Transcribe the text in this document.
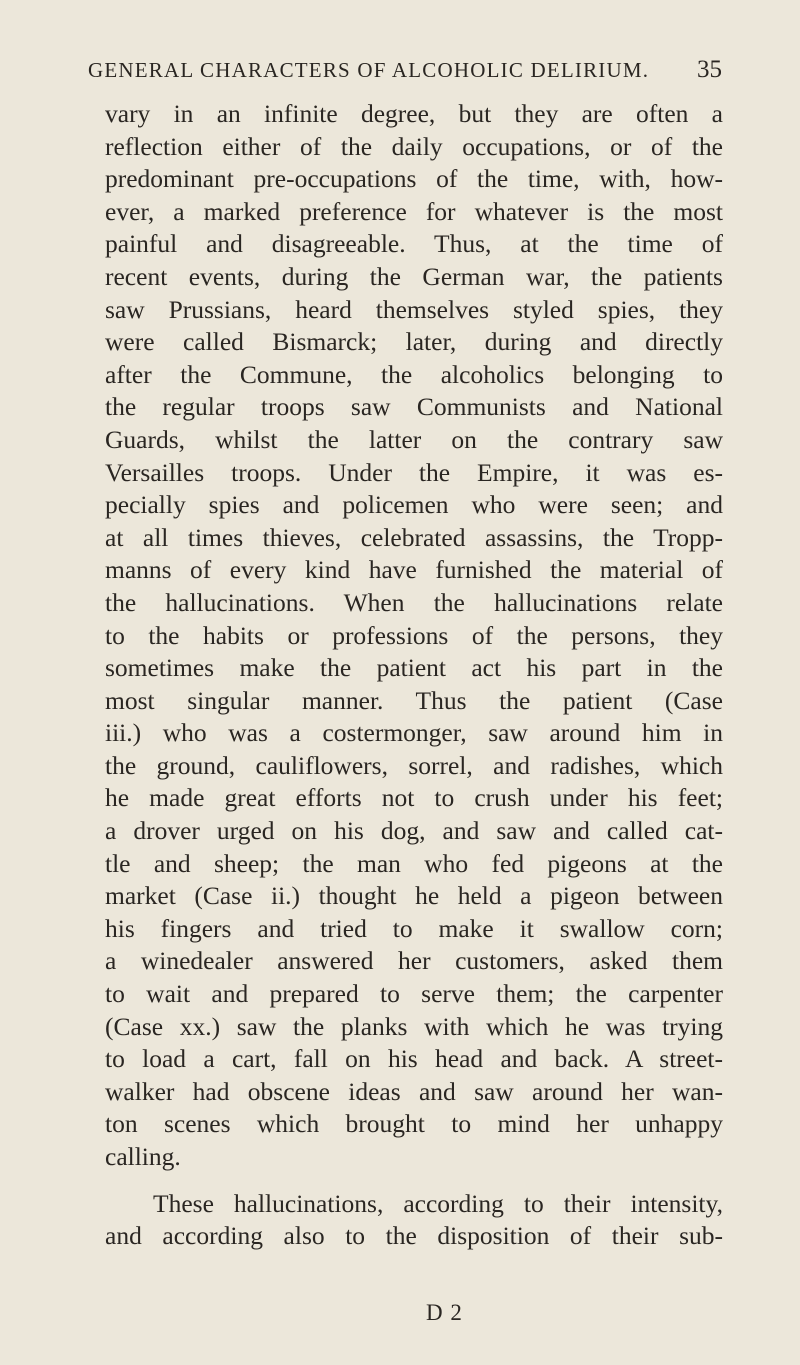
GENERAL CHARACTERS OF ALCOHOLIC DELIRIUM. 35
vary in an infinite degree, but they are often a
reflection either of the daily occupations, or of the
predominant pre-occupations of the time, with, how-
ever, a marked preference for whatever is the most
painful and disagreeable. Thus, at the time of
recent events, during the German war, the patients
saw Prussians, heard themselves styled spies, they
were called Bismarck; later, during and directly
after the Commune, the alcoholics belonging to
the regular troops saw Communists and National
Guards, whilst the latter on the contrary saw
Versailles troops. Under the Empire, it was es-
pecially spies and policemen who were seen; and
at all times thieves, celebrated assassins, the Tropp-
manns of every kind have furnished the material of
the hallucinations. When the hallucinations relate
to the habits or professions of the persons, they
sometimes make the patient act his part in the
most singular manner. Thus the patient (Case
iii.) who was a costermonger, saw around him in
the ground, cauliflowers, sorrel, and radishes, which
he made great efforts not to crush under his feet;
a drover urged on his dog, and saw and called cat-
tle and sheep; the man who fed pigeons at the
market (Case ii.) thought he held a pigeon between
his fingers and tried to make it swallow corn;
a winedealer answered her customers, asked them
to wait and prepared to serve them; the carpenter
(Case xx.) saw the planks with which he was trying
to load a cart, fall on his head and back. A street-
walker had obscene ideas and saw around her wan-
ton scenes which brought to mind her unhappy
calling.
These hallucinations, according to their intensity,
and according also to the disposition of their sub-
D 2
